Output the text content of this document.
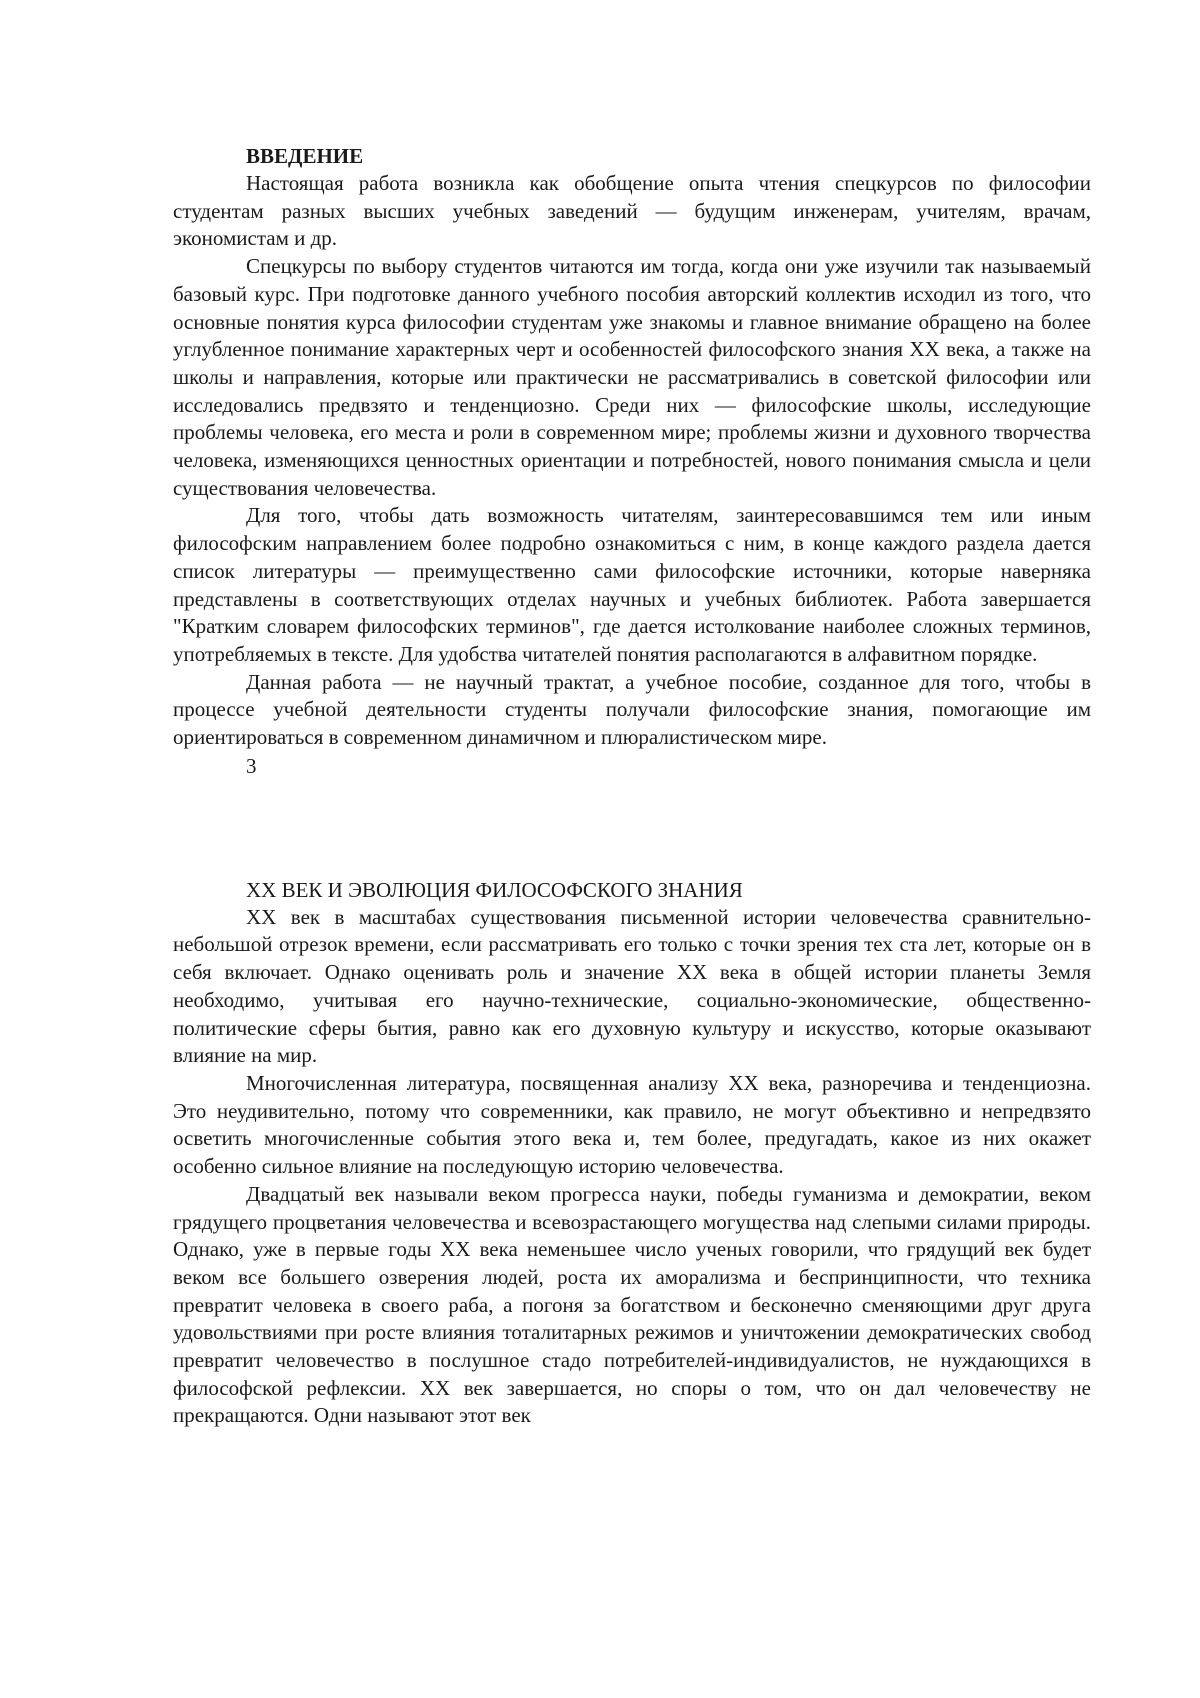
ВВЕДЕНИЕ

Настоящая работа возникла как обобщение опыта чтения спецкурсов по философии студентам разных высших учебных заведений — будущим инженерам, учителям, врачам, экономистам и др.

Спецкурсы по выбору студентов читаются им тогда, когда они уже изучили так называемый базовый курс. При подготовке данного учебного пособия авторский коллектив исходил из того, что основные понятия курса философии студентам уже знакомы и главное внимание обращено на более углубленное понимание характерных черт и особенностей философского знания XX века, а также на школы и направления, которые или практически не рассматривались в советской философии или исследовались предвзято и тенденциозно. Среди них — философские школы, исследующие проблемы человека, его места и роли в современном мире; проблемы жизни и духовного творчества человека, изменяющихся ценностных ориентации и потребностей, нового понимания смысла и цели существования человечества.

Для того, чтобы дать возможность читателям, заинтересовавшимся тем или иным философским направлением более подробно ознакомиться с ним, в конце каждого раздела дается список литературы — преимущественно сами философские источники, которые наверняка представлены в соответствующих отделах научных и учебных библиотек. Работа завершается "Кратким словарем философских терминов", где дается истолкование наиболее сложных терминов, употребляемых в тексте. Для удобства читателей понятия располагаются в алфавитном порядке.

Данная работа — не научный трактат, а учебное пособие, созданное для того, чтобы в процессе учебной деятельности студенты получали философские знания, помогающие им ориентироваться в современном динамичном и плюралистическом мире.

3

XX ВЕК И ЭВОЛЮЦИЯ ФИЛОСОФСКОГО ЗНАНИЯ

XX век в масштабах существования письменной истории человечества сравнительно-небольшой отрезок времени, если рассматривать его только с точки зрения тех ста лет, которые он в себя включает. Однако оценивать роль и значение XX века в общей истории планеты Земля необходимо, учитывая его научно-технические, социально-экономические, общественно-политические сферы бытия, равно как его духовную культуру и искусство, которые оказывают влияние на мир.

Многочисленная литература, посвященная анализу XX века, разноречива и тенденциозна. Это неудивительно, потому что современники, как правило, не могут объективно и непредвзято осветить многочисленные события этого века и, тем более, предугадать, какое из них окажет особенно сильное влияние на последующую историю человечества.

Двадцатый век называли веком прогресса науки, победы гуманизма и демократии, веком грядущего процветания человечества и всевозрастающего могущества над слепыми силами природы. Однако, уже в первые годы XX века неменьшее число ученых говорили, что грядущий век будет веком все большего озверения людей, роста их аморализма и беспринципности, что техника превратит человека в своего раба, а погоня за богатством и бесконечно сменяющими друг друга удовольствиями при росте влияния тоталитарных режимов и уничтожении демократических свобод превратит человечество в послушное стадо потребителей-индивидуалистов, не нуждающихся в философской рефлексии. XX век завершается, но споры о том, что он дал человечеству не прекращаются. Одни называют этот век
